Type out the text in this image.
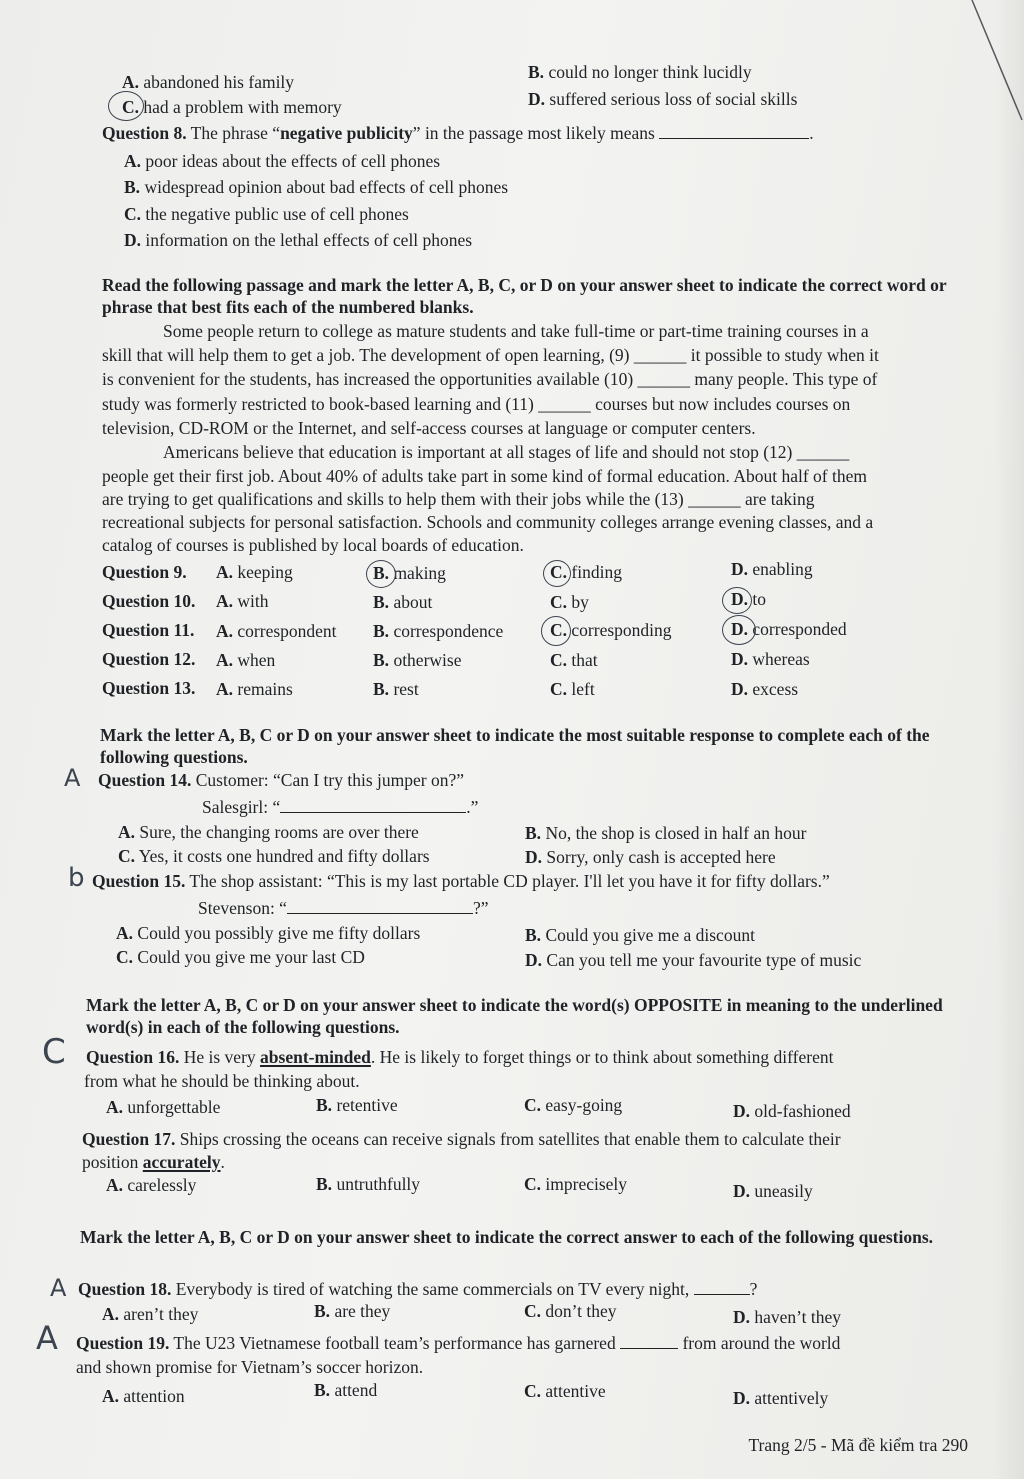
A. abandoned his family	B. could no longer think lucidly
C. had a problem with memory	D. suffered serious loss of social skills
Question 8. The phrase “negative publicity” in the passage most likely means	.
A. poor ideas about the effects of cell phones
B. widespread opinion about bad effects of cell phones
C. the negative public use of cell phones
D. information on the lethal effects of cell phones
Read the following passage and mark the letter A, B, C, or D on your answer sheet to indicate the correct word or phrase that best fits each of the numbered blanks.
Some people return to college as mature students and take full-time or part-time training courses in a
skill that will help them to get a job. The development of open learning, (9) ______ it possible to study when it
is convenient for the students, has increased the opportunities available (10) ______ many people. This type of
study was formerly restricted to book-based learning and (11) ______ courses but now includes courses on
television, CD-ROM or the Internet, and self-access courses at language or computer centers.
Americans believe that education is important at all stages of life and should not stop (12) ______
people get their first job. About 40% of adults take part in some kind of formal education. About half of them
are trying to get qualifications and skills to help them with their jobs while the (13) ______ are taking
recreational subjects for personal satisfaction. Schools and community colleges arrange evening classes, and a
catalog of courses is published by local boards of education.
Question 9. A. keeping	B. making	C. finding	D. enabling
Question 10. A. with	B. about	C. by	D. to
Question 11. A. correspondent B. correspondence	C. corresponding	D. corresponded
Question 12. A. when	B. otherwise	C. that	D. whereas
Question 13. A. remains	B. rest	C. left	D. excess
Mark the letter A, B, C or D on your answer sheet to indicate the most suitable response to complete each of the following questions.
A Question 14. Customer: “Can I try this jumper on?”
Salesgirl: “	.”
A. Sure, the changing rooms are over there	B. No, the shop is closed in half an hour
C. Yes, it costs one hundred and fifty dollars	D. Sorry, only cash is accepted here
b Question 15. The shop assistant: “This is my last portable CD player. I'll let you have it for fifty dollars.”
Stevenson: “	?”
A. Could you possibly give me fifty dollars	B. Could you give me a discount
C. Could you give me your last CD	D. Can you tell me your favourite type of music
Mark the letter A, B, C or D on your answer sheet to indicate the word(s) OPPOSITE in meaning to the underlined word(s) in each of the following questions.
C Question 16. He is very absent-minded. He is likely to forget things or to think about something different
from what he should be thinking about.
A. unforgettable	B. retentive	C. easy-going	D. old-fashioned
Question 17. Ships crossing the oceans can receive signals from satellites that enable them to calculate their
position accurately.
A. carelessly	B. untruthfully	C. imprecisely	D. uneasily
Mark the letter A, B, C or D on your answer sheet to indicate the correct answer to each of the following questions.
A Question 18. Everybody is tired of watching the same commercials on TV every night,	?
A. aren’t they	B. are they	C. don’t they	D. haven’t they
A Question 19. The U23 Vietnamese football team’s performance has garnered	from around the world
and shown promise for Vietnam’s soccer horizon.
A. attention	B. attend	C. attentive	D. attentively
Trang 2/5 - Mã đề kiểm tra 290
